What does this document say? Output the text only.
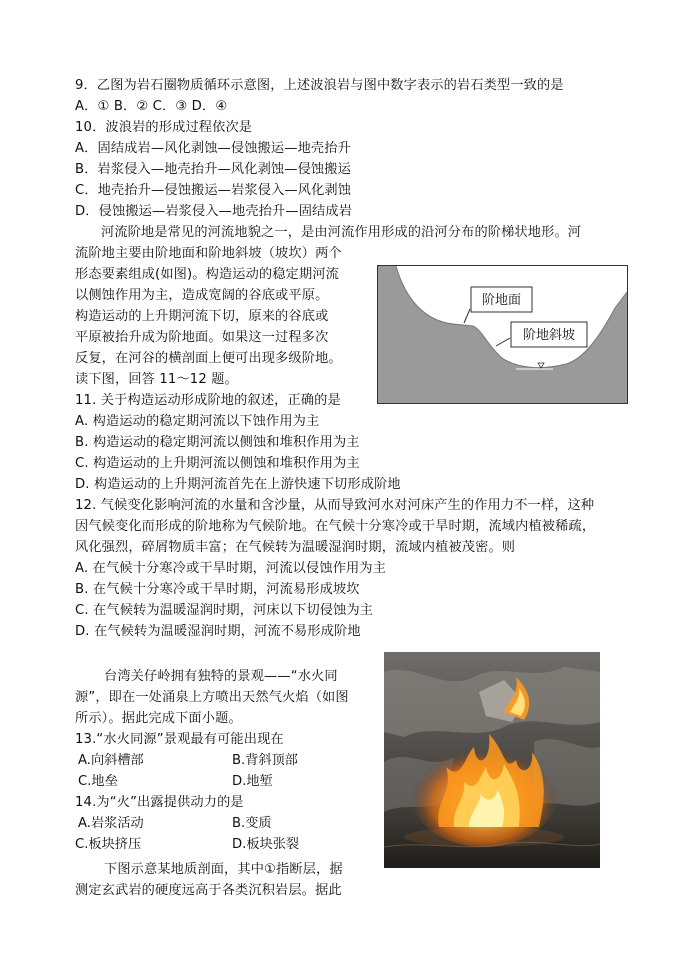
9．乙图为岩石圈物质循环示意图，上述波浪岩与图中数字表示的岩石类型一致的是
A．① B．② C．③ D．④
10．波浪岩的形成过程依次是
A．固结成岩—风化剥蚀—侵蚀搬运—地壳抬升
B．岩浆侵入—地壳抬升—风化剥蚀—侵蚀搬运
C．地壳抬升—侵蚀搬运—岩浆侵入—风化剥蚀
D．侵蚀搬运—岩浆侵入—地壳抬升—固结成岩
河流阶地是常见的河流地貌之一，是由河流作用形成的沿河分布的阶梯状地形。河
流阶地主要由阶地面和阶地斜坡（坡坎）两个
形态要素组成(如图)。构造运动的稳定期河流
以侧蚀作用为主，造成宽阔的谷底或平原。
构造运动的上升期河流下切，原来的谷底或
平原被抬升成为阶地面。如果这一过程多次
反复，在河谷的横剖面上便可出现多级阶地。
读下图，回答 11～12 题。
阶地面
阶地斜坡
11. 关于构造运动形成阶地的叙述，正确的是
A. 构造运动的稳定期河流以下蚀作用为主
B. 构造运动的稳定期河流以侧蚀和堆积作用为主
C. 构造运动的上升期河流以侧蚀和堆积作用为主
D. 构造运动的上升期河流首先在上游快速下切形成阶地
12. 气候变化影响河流的水量和含沙量，从而导致河水对河床产生的作用力不一样，这种
因气候变化而形成的阶地称为气候阶地。在气候十分寒冷或干旱时期，流域内植被稀疏，
风化强烈，碎屑物质丰富；在气候转为温暖湿润时期，流域内植被茂密。则
A. 在气候十分寒冷或干旱时期，河流以侵蚀作用为主
B. 在气候十分寒冷或干旱时期，河流易形成坡坎
C. 在气候转为温暖湿润时期，河床以下切侵蚀为主
D. 在气候转为温暖湿润时期，河流不易形成阶地
台湾关仔岭拥有独特的景观——“水火同
源”，即在一处涌泉上方喷出天然气火焰（如图
所示）。据此完成下面小题。
13.“水火同源”景观最有可能出现在
A.向斜槽部	B.背斜顶部
C.地垒	D.地堑
14.为“火”出露提供动力的是
A.岩浆活动	B.变质
C.板块挤压	D.板块张裂
下图示意某地质剖面，其中①指断层，据
测定玄武岩的硬度远高于各类沉积岩层。据此
